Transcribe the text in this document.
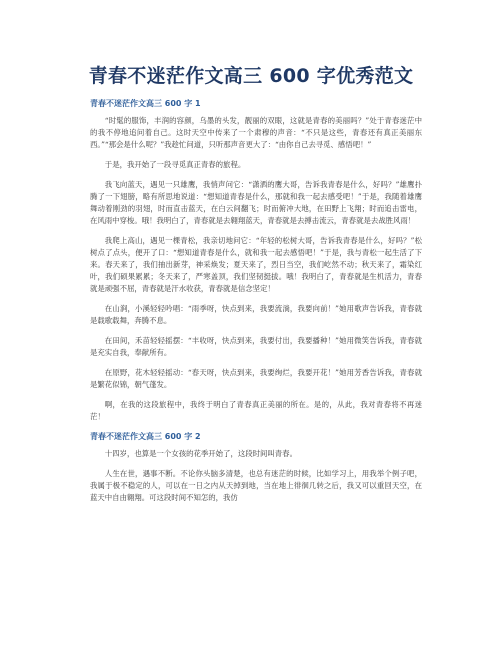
青春不迷茫作文高三 600 字优秀范文
青春不迷茫作文高三 600 字 1

“时髦的服饰，丰润的容颜，乌墨的头发，靓丽的双眼，这就是青春的美丽吗？”处于青春迷茫中的我不停地追问着自己。这时天空中传来了一个肃穆的声音：“不只是这些，青春还有真正美丽东西。”“那会是什么呢？”我趁忙问道，只听那声音更大了：“由你自己去寻觅、感悟吧！”

于是，我开始了一段寻觅真正青春的旅程。

我飞向蓝天，遇见一只雄鹰，我悄声问它：“潇洒的鹰大哥，告诉我青春是什么，好吗？”雄鹰扑腾了一下翅膀，略有所思地说道：“想知道青春是什么，那就和我一起去感受吧！”于是，我随着雄鹰舞动着刚劲的羽翅，时而直击蓝天，在白云间翻飞；时而俯冲大地，在田野上飞翔；时而追击雷电，在风雨中穿梭。哦！我明白了，青春就是去翱翔蓝天，青春就是去搏击流云，青春就是去战胜风雨！

我爬上高山，遇见一棵青松，我亲切地问它：“年轻的松树大哥，告诉我青春是什么，好吗？”松树点了点头，便开了口：“想知道青春是什么，就和我一起去感悟吧！”于是，我与青松一起生活了下来。春天来了，我们抽出新芽，神采焕发；夏天来了，烈日当空，我们屹然不动；秋天来了，霜染红叶，我们硕果累累；冬天来了，严寒盖顶，我们坚韧挺拔。哦！我明白了，青春就是生机活力，青春就是顽强不屈，青春就是汗水收获，青春就是信念坚定！

在山涧，小溪轻轻吟唱：“雨季呀，快点到来，我要流淌，我要向前！”她用歌声告诉我，青春就是载歌载舞，奔腾不息。

在田间，禾苗轻轻摇摆：“丰收呀，快点到来，我要付出，我要播种！”她用微笑告诉我，青春就是充实自我，奉献所有。

在原野，花木轻轻摇动：“春天呀，快点到来，我要绚烂，我要开花！”她用芳香告诉我，青春就是繁花似锦，朝气蓬发。

啊，在我的这段旅程中，我终于明白了青春真正美丽的所在。是的，从此，我对青春将不再迷茫！

青春不迷茫作文高三 600 字 2

十四岁，也算是一个女孩的花季开始了，这段时间叫青春。

人生在世，遇事不断。不论你头脑多清楚，也总有迷茫的时候，比如学习上，用我举个例子吧，我属于极不稳定的人，可以在一日之内从天掉到地，当在地上徘徊几转之后，我又可以重回天空，在蓝天中自由翱翔。可这段时间不知怎的，我仿
